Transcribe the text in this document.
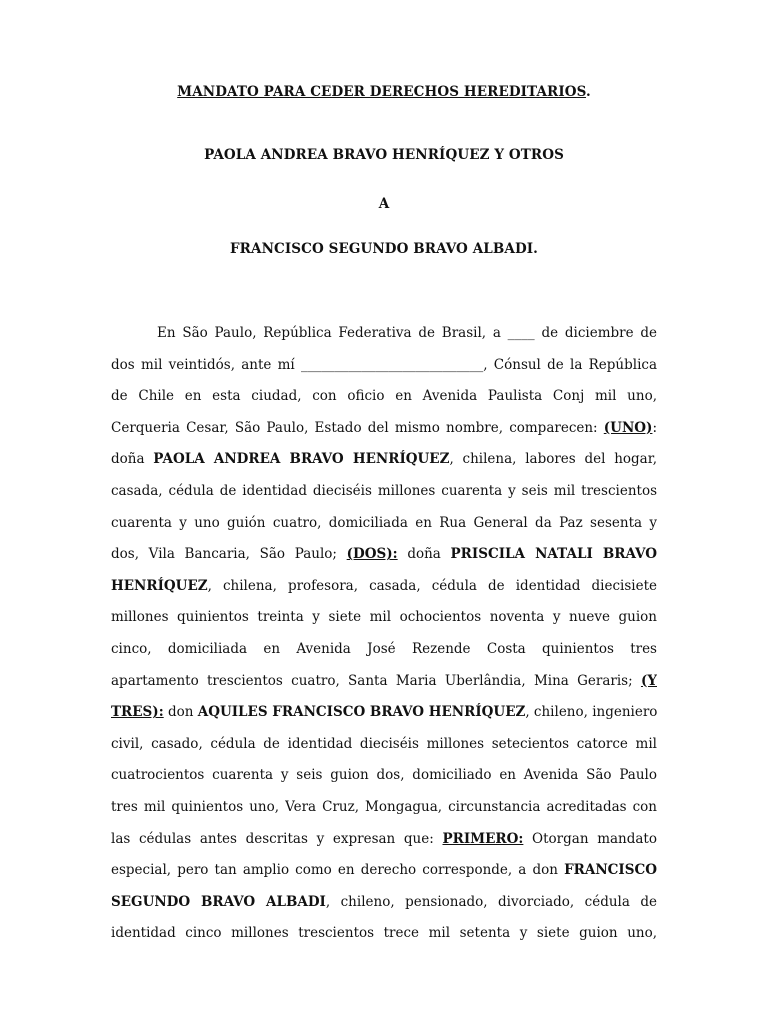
MANDATO PARA CEDER DERECHOS HEREDITARIOS.
PAOLA ANDREA BRAVO HENRÍQUEZ Y OTROS
A
FRANCISCO SEGUNDO BRAVO ALBADI.
En São Paulo, República Federativa de Brasil, a ____ de diciembre de
dos mil veintidós, ante mí ___________________________, Cónsul de la República
de Chile en esta ciudad, con oficio en Avenida Paulista Conj mil uno,
Cerqueria Cesar, São Paulo, Estado del mismo nombre, comparecen: (UNO):
doña PAOLA ANDREA BRAVO HENRÍQUEZ, chilena, labores del hogar,
casada, cédula de identidad dieciséis millones cuarenta y seis mil trescientos
cuarenta y uno guión cuatro, domiciliada en Rua General da Paz sesenta y
dos, Vila Bancaria, São Paulo; (DOS): doña PRISCILA NATALI BRAVO
HENRÍQUEZ, chilena, profesora, casada, cédula de identidad diecisiete
millones quinientos treinta y siete mil ochocientos noventa y nueve guion
cinco, domiciliada en Avenida José Rezende Costa quinientos tres
apartamento trescientos cuatro, Santa Maria Uberlândia, Mina Geraris; (Y
TRES): don AQUILES FRANCISCO BRAVO HENRÍQUEZ, chileno, ingeniero
civil, casado, cédula de identidad dieciséis millones setecientos catorce mil
cuatrocientos cuarenta y seis guion dos, domiciliado en Avenida São Paulo
tres mil quinientos uno, Vera Cruz, Mongagua, circunstancia acreditadas con
las cédulas antes descritas y expresan que: PRIMERO: Otorgan mandato
especial, pero tan amplio como en derecho corresponde, a don FRANCISCO
SEGUNDO BRAVO ALBADI, chileno, pensionado, divorciado, cédula de
identidad cinco millones trescientos trece mil setenta y siete guion uno,
